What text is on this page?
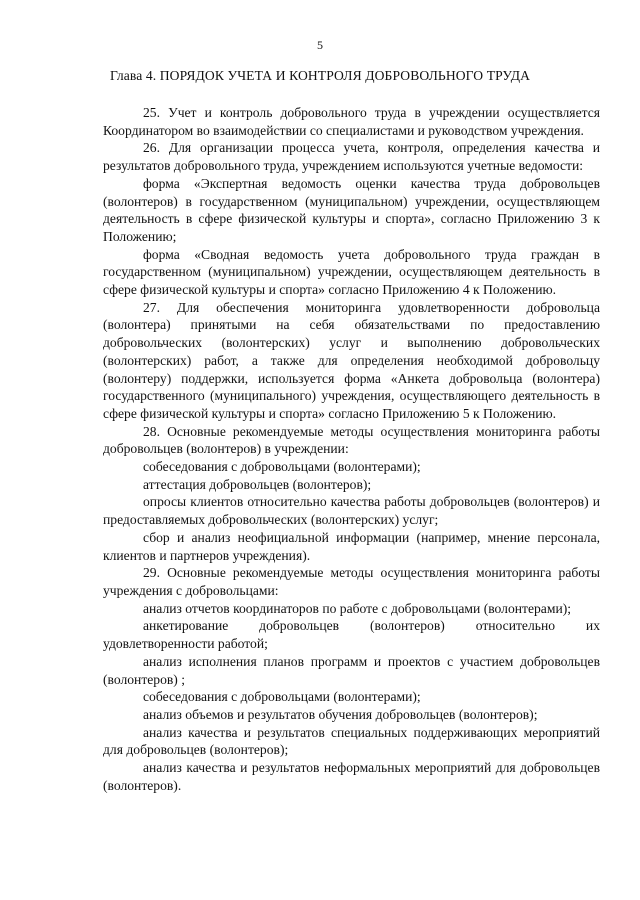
5
Глава 4. ПОРЯДОК УЧЕТА И КОНТРОЛЯ ДОБРОВОЛЬНОГО ТРУДА

25. Учет и контроль добровольного труда в учреждении осуществляется Координатором во взаимодействии со специалистами и руководством учреждения.

26. Для организации процесса учета, контроля, определения качества и результатов добровольного труда, учреждением используются учетные ведомости:

форма «Экспертная ведомость оценки качества труда добровольцев (волонтеров) в государственном (муниципальном) учреждении, осуществляющем деятельность в сфере физической культуры и спорта», согласно Приложению 3 к Положению;

форма «Сводная ведомость учета добровольного труда граждан в государственном (муниципальном) учреждении, осуществляющем деятельность в сфере физической культуры и спорта» согласно Приложению 4 к Положению.

27. Для обеспечения мониторинга удовлетворенности добровольца (волонтера) принятыми на себя обязательствами по предоставлению добровольческих (волонтерских) услуг и выполнению добровольческих (волонтерских) работ, а также для определения необходимой добровольцу (волонтеру) поддержки, используется форма «Анкета добровольца (волонтера) государственного (муниципального) учреждения, осуществляющего деятельность в сфере физической культуры и спорта» согласно Приложению 5 к Положению.

28. Основные рекомендуемые методы осуществления мониторинга работы добровольцев (волонтеров) в учреждении:

собеседования с добровольцами (волонтерами);

аттестация добровольцев (волонтеров);

опросы клиентов относительно качества работы добровольцев (волонтеров) и предоставляемых добровольческих (волонтерских) услуг;

сбор и анализ неофициальной информации (например, мнение персонала, клиентов и партнеров учреждения).

29. Основные рекомендуемые методы осуществления мониторинга работы учреждения с добровольцами:

анализ отчетов координаторов по работе с добровольцами (волонтерами);

анкетирование добровольцев (волонтеров) относительно их удовлетворенности работой;

анализ исполнения планов программ и проектов с участием добровольцев (волонтеров) ;

собеседования с добровольцами (волонтерами);

анализ объемов и результатов обучения добровольцев (волонтеров);

анализ качества и результатов специальных поддерживающих мероприятий для добровольцев (волонтеров);

анализ качества и результатов неформальных мероприятий для добровольцев (волонтеров).
